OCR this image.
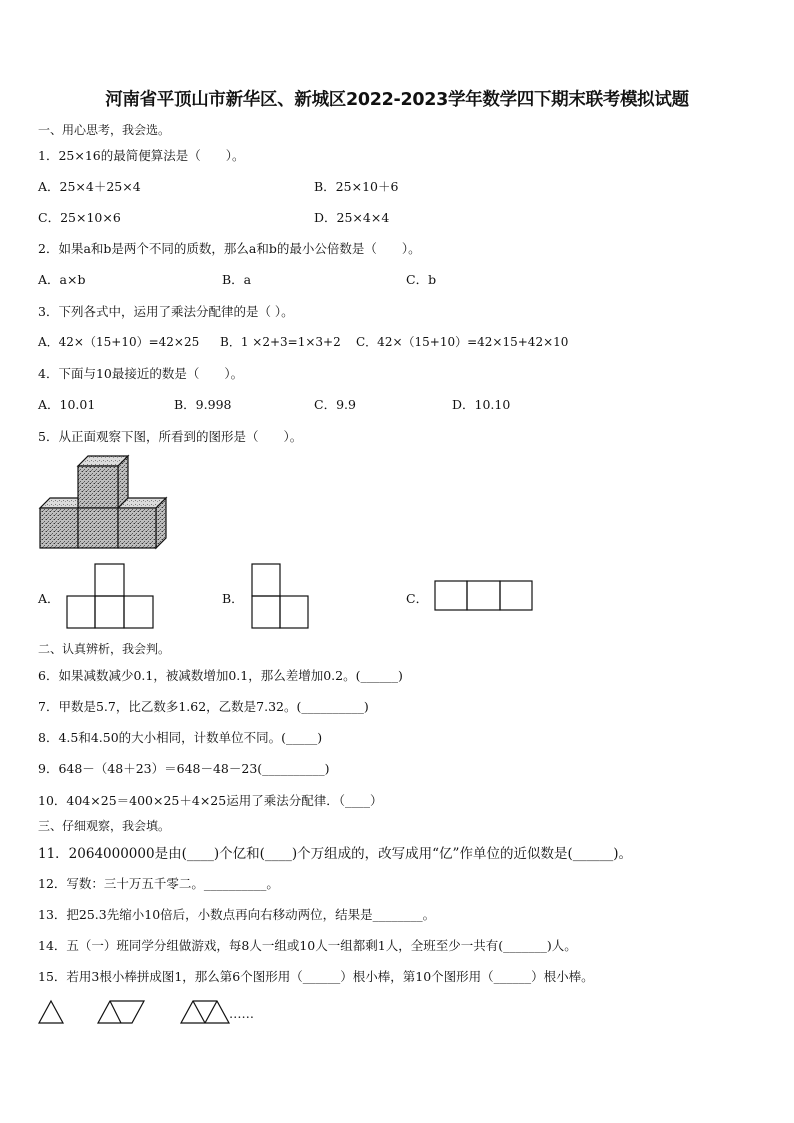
河南省平顶山市新华区、新城区2022-2023学年数学四下期末联考模拟试题
一、用心思考，我会选。
1．25×16的最简便算法是（　　）。
A．25×4＋25×4	B．25×10＋6
C．25×10×6	D．25×4×4
2．如果a和b是两个不同的质数，那么a和b的最小公倍数是（　　）。
A．a×b	B．a	C．b
3．下列各式中，运用了乘法分配律的是（ ）。
A．42×（15+10）=42×25 B．1 ×2+3=1×3+2 C．42×（15+10）=42×15+42×10
4．下面与10最接近的数是（　　）。
A．10.01	B．9.998	C．9.9	D．10.10
5．从正面观察下图，所看到的图形是（　　）。
A．	B．	C．
二、认真辨析，我会判。
6．如果减数减少0.1，被减数增加0.1，那么差增加0.2。(______)
7．甲数是5.7，比乙数多1.62，乙数是7.32。(__________)
8．4.5和4.50的大小相同，计数单位不同。(_____)
9．648－（48＋23）＝648－48－23(__________)
10．404×25＝400×25＋4×25运用了乘法分配律．（____）
三、仔细观察，我会填。
11．2064000000是由(____)个亿和(____)个万组成的，改写成用“亿”作单位的近似数是(______)。
12．写数：三十万五千零二。__________。
13．把25.3先缩小10倍后，小数点再向右移动两位，结果是________。
14．五（一）班同学分组做游戏，每8人一组或10人一组都剩1人，全班至少一共有(_______)人。
15．若用3根小棒拼成图1，那么第6个图形用（______）根小棒，第10个图形用（______）根小棒。
……
